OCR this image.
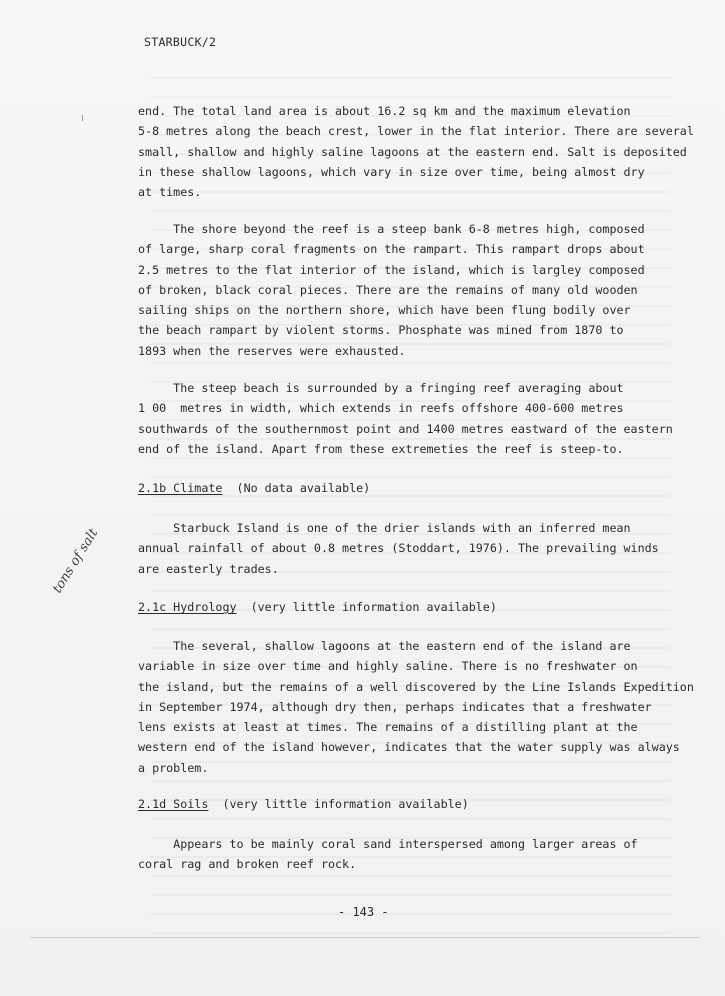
STARBUCK/2

end. The total land area is about 16.2 sq km and the maximum elevation
5-8 metres along the beach crest, lower in the flat interior. There are several
small, shallow and highly saline lagoons at the eastern end. Salt is deposited
in these shallow lagoons, which vary in size over time, being almost dry
at times.

The shore beyond the reef is a steep bank 6-8 metres high, composed
of large, sharp coral fragments on the rampart. This rampart drops about
2.5 metres to the flat interior of the island, which is largley composed
of broken, black coral pieces. There are the remains of many old wooden
sailing ships on the northern shore, which have been flung bodily over
the beach rampart by violent storms. Phosphate was mined from 1870 to
1893 when the reserves were exhausted.

The steep beach is surrounded by a fringing reef averaging about
1 00  metres in width, which extends in reefs offshore 400-600 metres
southwards of the southernmost point and 1400 metres eastward of the eastern
end of the island. Apart from these extremeties the reef is steep-to.

2.1b Climate  (No data available)

Starbuck Island is one of the drier islands with an inferred mean
annual rainfall of about 0.8 metres (Stoddart, 1976). The prevailing winds
are easterly trades.

2.1c Hydrology  (very little information available)

The several, shallow lagoons at the eastern end of the island are
variable in size over time and highly saline. There is no freshwater on
the island, but the remains of a well discovered by the Line Islands Expedition
in September 1974, although dry then, perhaps indicates that a freshwater
lens exists at least at times. The remains of a distilling plant at the
western end of the island however, indicates that the water supply was always
a problem.

2.1d Soils  (very little information available)

Appears to be mainly coral sand interspersed among larger areas of
coral rag and broken reef rock.

tons of salt
- 143 -
